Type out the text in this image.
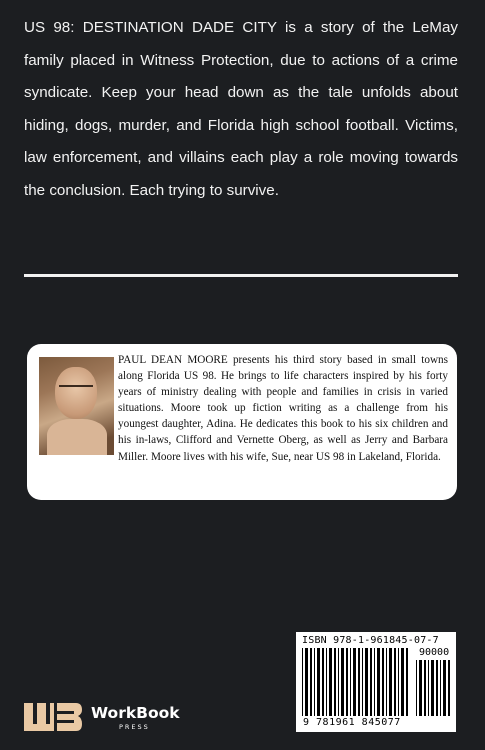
US 98: DESTINATION DADE CITY is a story of the LeMay family placed in Witness Protection, due to actions of a crime syndicate. Keep your head down as the tale unfolds about hiding, dogs, murder, and Florida high school football. Victims, law enforcement, and villains each play a role moving towards the conclusion. Each trying to survive.

PAUL DEAN MOORE presents his third story based in small towns along Florida US 98. He brings to life characters inspired by his forty years of ministry dealing with people and families in crisis in varied situations. Moore took up fiction writing as a challenge from his youngest daughter, Adina. He dedicates this book to his six children and his in-laws, Clifford and Vernette Oberg, as well as Jerry and Barbara Miller. Moore lives with his wife, Sue, near US 98 in Lakeland, Florida.

ISBN 978-1-961845-07-7
90000
9 781961 845077
WorkBook
PRESS
